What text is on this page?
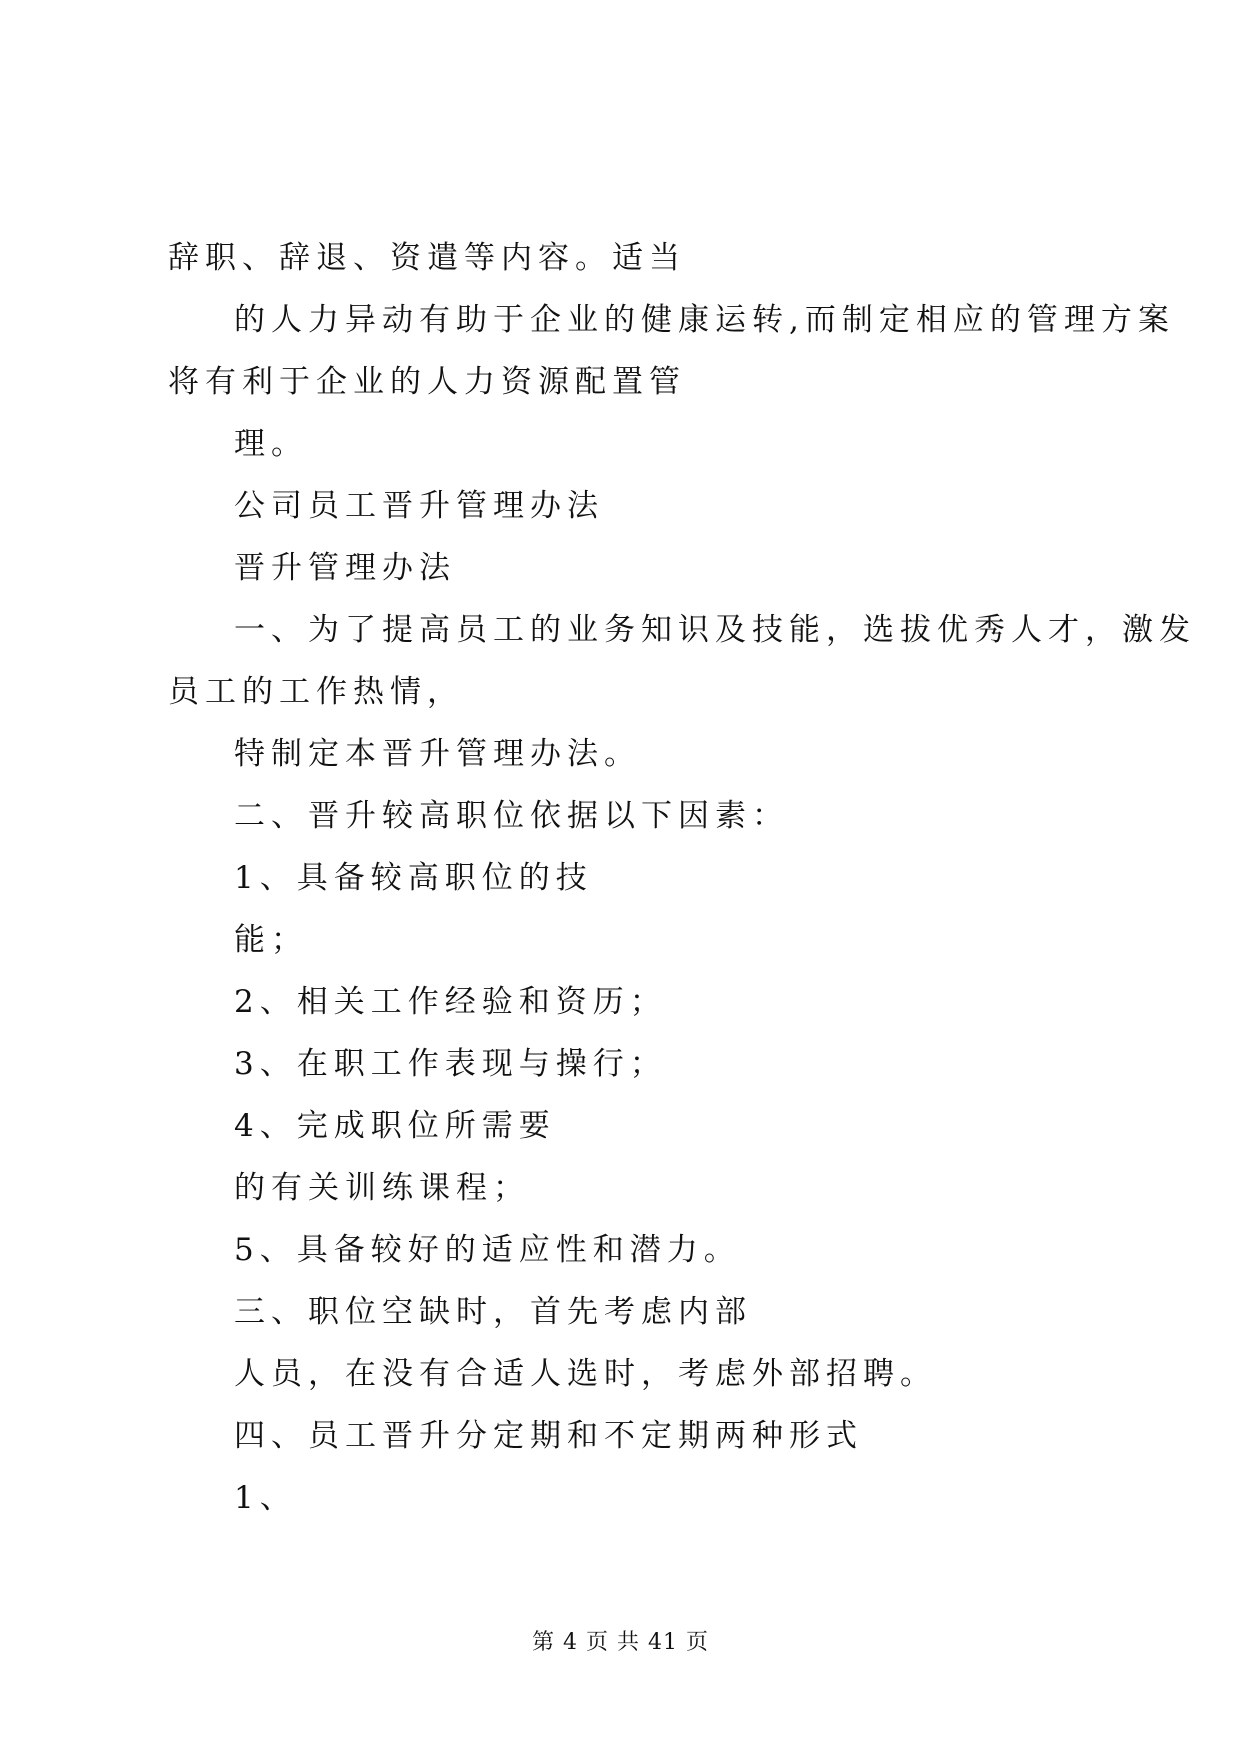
辞职、辞退、资遣等内容。适当

的人力异动有助于企业的健康运转,而制定相应的管理方案

将有利于企业的人力资源配置管

理。

公司员工晋升管理办法

晋升管理办法

一、为了提高员工的业务知识及技能，选拔优秀人才，激发

员工的工作热情，

特制定本晋升管理办法。

二、晋升较高职位依据以下因素：

1、具备较高职位的技

能；

2、相关工作经验和资历；

3、在职工作表现与操行；

4、完成职位所需要

的有关训练课程；

5、具备较好的适应性和潜力。

三、职位空缺时，首先考虑内部

人员，在没有合适人选时，考虑外部招聘。

四、员工晋升分定期和不定期两种形式

1、

第 4 页 共 41 页
